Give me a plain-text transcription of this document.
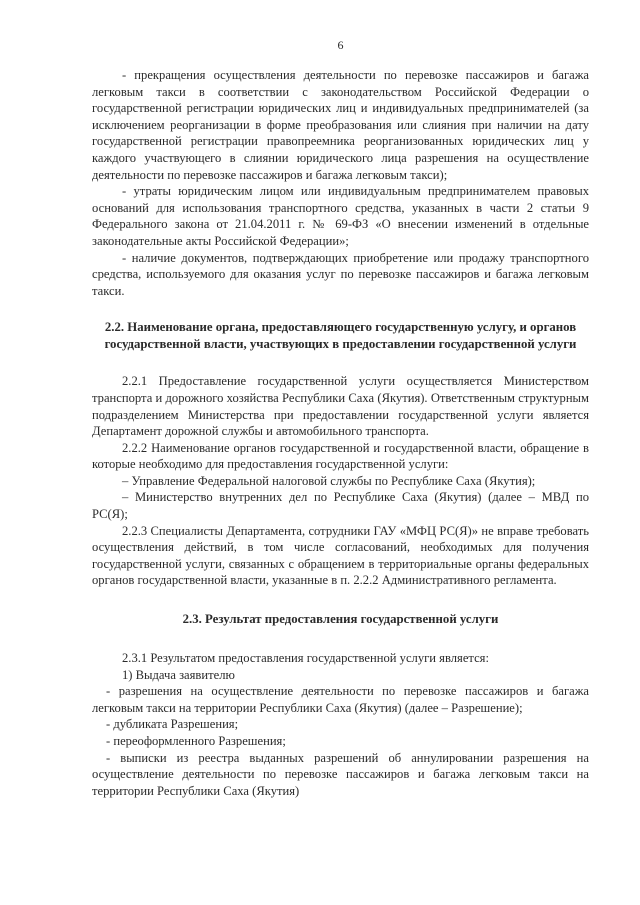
6

- прекращения осуществления деятельности по перевозке пассажиров и багажа легковым такси в соответствии с законодательством Российской Федерации о государственной регистрации юридических лиц и индивидуальных предпринимателей (за исключением реорганизации в форме преобразования или слияния при наличии на дату государственной регистрации правопреемника реорганизованных юридических лиц у каждого участвующего в слиянии юридического лица разрешения на осуществление деятельности по перевозке пассажиров и багажа легковым такси);

- утраты юридическим лицом или индивидуальным предпринимателем правовых оснований для использования транспортного средства, указанных в части 2 статьи 9 Федерального закона от 21.04.2011 г. № 69-ФЗ «О внесении изменений в отдельные законодательные акты Российской Федерации»;

- наличие документов, подтверждающих приобретение или продажу транспортного средства, используемого для оказания услуг по перевозке пассажиров и багажа легковым такси.

2.2. Наименование органа, предоставляющего государственную услугу, и органов государственной власти, участвующих в предоставлении государственной услуги

2.2.1 Предоставление государственной услуги осуществляется Министерством транспорта и дорожного хозяйства Республики Саха (Якутия). Ответственным структурным подразделением Министерства при предоставлении государственной услуги является Департамент дорожной службы и автомобильного транспорта.

2.2.2 Наименование органов государственной и государственной власти, обращение в которые необходимо для предоставления государственной услуги:

– Управление Федеральной налоговой службы по Республике Саха (Якутия);

– Министерство внутренних дел по Республике Саха (Якутия) (далее – МВД по РС(Я);

2.2.3 Специалисты Департамента, сотрудники ГАУ «МФЦ РС(Я)» не вправе требовать осуществления действий, в том числе согласований, необходимых для получения государственной услуги, связанных с обращением в территориальные органы федеральных органов государственной власти, указанные в п. 2.2.2 Административного регламента.

2.3. Результат предоставления государственной услуги

2.3.1 Результатом предоставления государственной услуги является:

1) Выдача заявителю

- разрешения на осуществление деятельности по перевозке пассажиров и багажа легковым такси на территории Республики Саха (Якутия) (далее – Разрешение);

- дубликата Разрешения;

- переоформленного Разрешения;

- выписки из реестра выданных разрешений об аннулировании разрешения на осуществление деятельности по перевозке пассажиров и багажа легковым такси на территории Республики Саха (Якутия)
